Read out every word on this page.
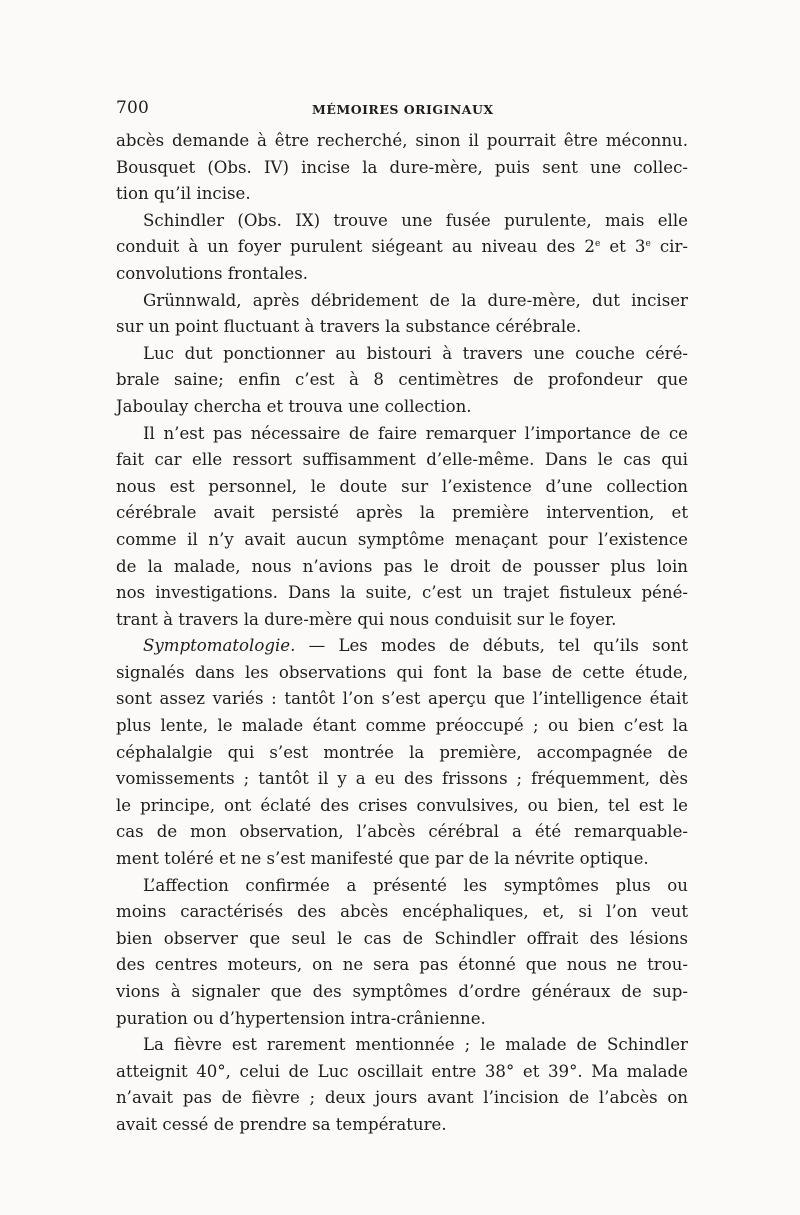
700	MÉMOIRES ORIGINAUX
abcès demande à être recherché, sinon il pourrait être méconnu.
Bousquet (Obs. IV) incise la dure-mère, puis sent une collec-
tion qu’il incise.
Schindler (Obs. IX) trouve une fusée purulente, mais elle
conduit à un foyer purulent siégeant au niveau des 2e et 3e cir-
convolutions frontales.
Grünnwald, après débridement de la dure-mère, dut inciser
sur un point fluctuant à travers la substance cérébrale.
Luc dut ponctionner au bistouri à travers une couche céré-
brale saine; enfin c’est à 8 centimètres de profondeur que
Jaboulay chercha et trouva une collection.
Il n’est pas nécessaire de faire remarquer l’importance de ce
fait car elle ressort suffisamment d’elle-même. Dans le cas qui
nous est personnel, le doute sur l’existence d’une collection
cérébrale avait persisté après la première intervention, et
comme il n’y avait aucun symptôme menaçant pour l’existence
de la malade, nous n’avions pas le droit de pousser plus loin
nos investigations. Dans la suite, c’est un trajet fistuleux péné-
trant à travers la dure-mère qui nous conduisit sur le foyer.
Symptomatologie. — Les modes de débuts, tel qu’ils sont
signalés dans les observations qui font la base de cette étude,
sont assez variés : tantôt l’on s’est aperçu que l’intelligence était
plus lente, le malade étant comme préoccupé ; ou bien c’est la
céphalalgie qui s’est montrée la première, accompagnée de
vomissements ; tantôt il y a eu des frissons ; fréquemment, dès
le principe, ont éclaté des crises convulsives, ou bien, tel est le
cas de mon observation, l’abcès cérébral a été remarquable-
ment toléré et ne s’est manifesté que par de la névrite optique.
L’affection confirmée a présenté les symptômes plus ou
moins caractérisés des abcès encéphaliques, et, si l’on veut
bien observer que seul le cas de Schindler offrait des lésions
des centres moteurs, on ne sera pas étonné que nous ne trou-
vions à signaler que des symptômes d’ordre généraux de sup-
puration ou d’hypertension intra-crânienne.
La fièvre est rarement mentionnée ; le malade de Schindler
atteignit 40°, celui de Luc oscillait entre 38° et 39°. Ma malade
n’avait pas de fièvre ; deux jours avant l’incision de l’abcès on
avait cessé de prendre sa température.
